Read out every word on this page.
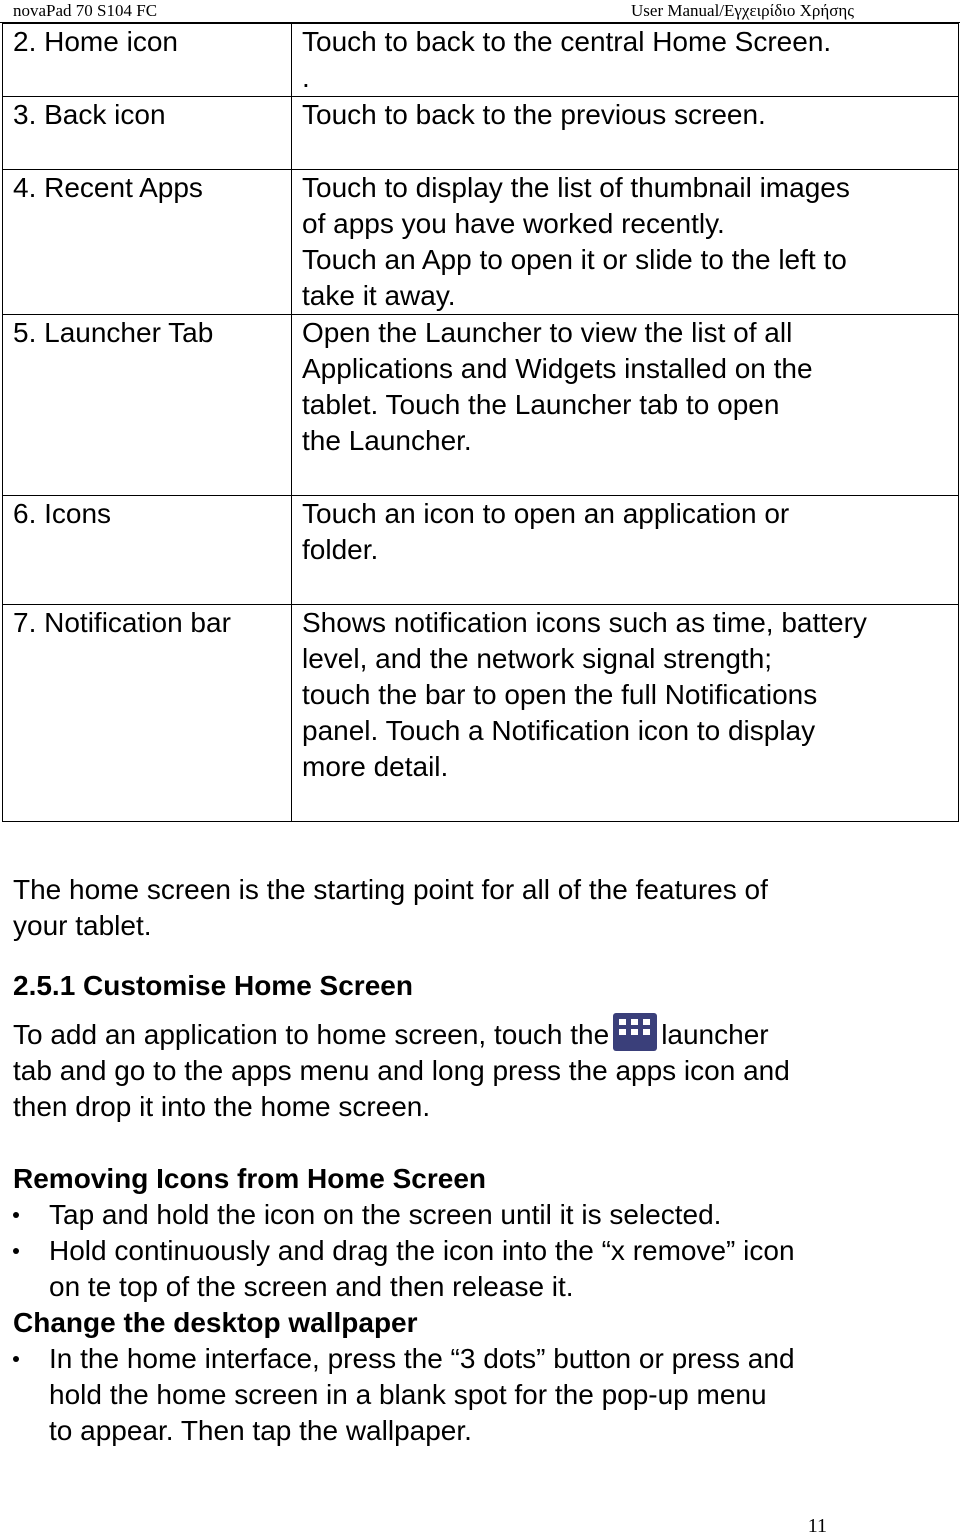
novaPad 70 S104 FC	User Manual/Εγχειρίδιο Χρήσης
2. Home icon	Touch to back to the central Home Screen.
.

3. Back icon	Touch to back to the previous screen.

4. Recent Apps	Touch to display the list of thumbnail images
of apps you have worked recently.
Touch an App to open it or slide to the left to
take it away.

5. Launcher Tab	Open the Launcher to view the list of all
Applications and Widgets installed on the
tablet. Touch the Launcher tab to open
the Launcher.

6. Icons	Touch an icon to open an application or
folder.

7. Notification bar	Shows notification icons such as time, battery
level, and the network signal strength;
touch the bar to open the full Notifications
panel. Touch a Notification icon to display
more detail.
The home screen is the starting point for all of the features of
your tablet.
2.5.1 Customise Home Screen
To add an application to home screen, touch the launcher
tab and go to the apps menu and long press the apps icon and
then drop it into the home screen.
Removing Icons from Home Screen
Tap and hold the icon on the screen until it is selected.
Hold continuously and drag the icon into the “x remove” icon
on te top of the screen and then release it.
Change the desktop wallpaper
In the home interface, press the “3 dots” button or press and
hold the home screen in a blank spot for the pop-up menu
to appear. Then tap the wallpaper.
11
